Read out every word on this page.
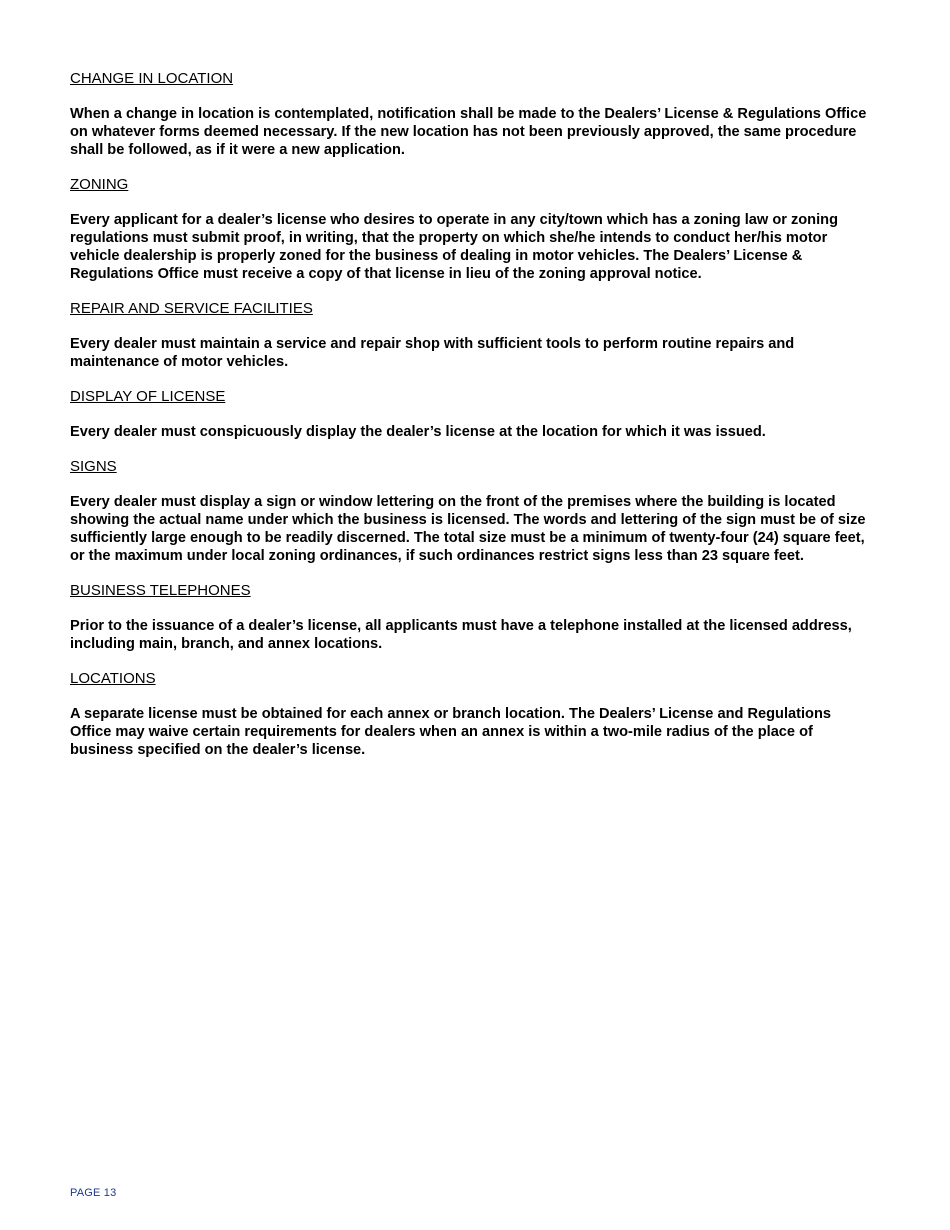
CHANGE IN LOCATION

When a change in location is contemplated, notification shall be made to the Dealers’ License & Regulations Office on whatever forms deemed necessary. If the new location has not been previously approved, the same procedure shall be followed, as if it were a new application.

ZONING

Every applicant for a dealer’s license who desires to operate in any city/town which has a zoning law or zoning regulations must submit proof, in writing, that the property on which she/he intends to conduct her/his motor vehicle dealership is properly zoned for the business of dealing in motor vehicles. The Dealers’ License & Regulations Office must receive a copy of that license in lieu of the zoning approval notice.

REPAIR AND SERVICE FACILITIES

Every dealer must maintain a service and repair shop with sufficient tools to perform routine repairs and maintenance of motor vehicles.

DISPLAY OF LICENSE

Every dealer must conspicuously display the dealer’s license at the location for which it was issued.

SIGNS

Every dealer must display a sign or window lettering on the front of the premises where the building is located showing the actual name under which the business is licensed. The words and lettering of the sign must be of size sufficiently large enough to be readily discerned. The total size must be a minimum of twenty-four (24) square feet, or the maximum under local zoning ordinances, if such ordinances restrict signs less than 23 square feet.

BUSINESS TELEPHONES

Prior to the issuance of a dealer’s license, all applicants must have a telephone installed at the licensed address, including main, branch, and annex locations.

LOCATIONS

A separate license must be obtained for each annex or branch location. The Dealers’ License and Regulations Office may waive certain requirements for dealers when an annex is within a two-mile radius of the place of business specified on the dealer’s license.

PAGE 13
